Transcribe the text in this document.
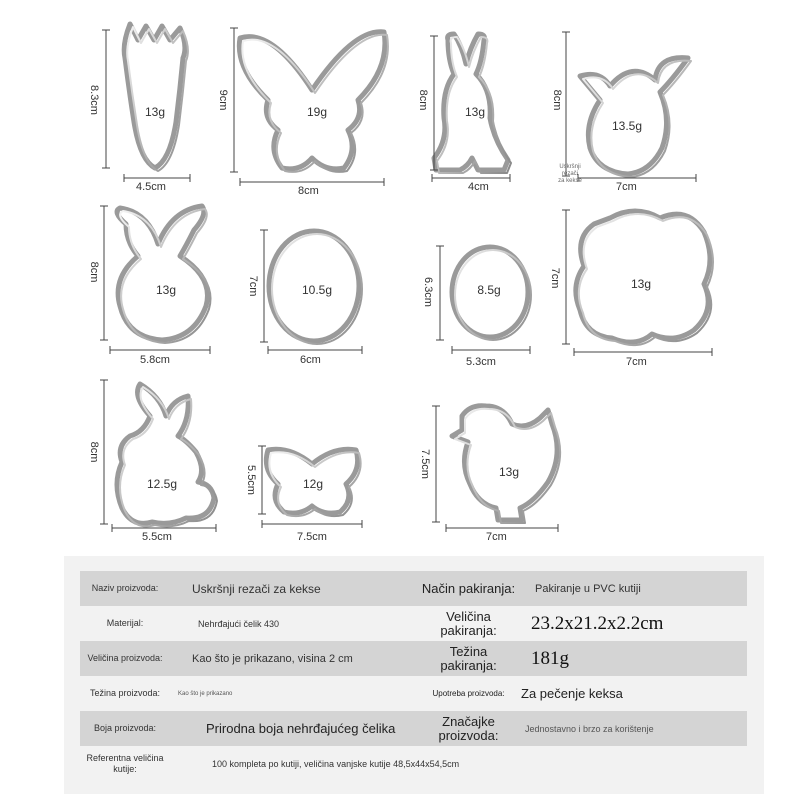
13g	19g	13g
13.5g
13g	10.5g	8.5g	13g
12.5g	12g
13g
4.5cm	8cm	4cm	7cm
5.8cm	6cm	5.3cm	7cm
5.5cm	7.5cm	7cm
8.3cm	9cm	8cm	8cm
8cm
7cm	6.3cm	7cm
8cm
5.5cm
7.5cm
Uskršnji
rezači
za kekse
Naziv proizvoda:	Uskršnji rezači za kekse	Način pakiranja:	Pakiranje u PVC kutiji
Materijal:	Nehrđajući čelik 430	Veličina pakiranja:	23.2x21.2x2.2cm
Veličina proizvoda:	Kao što je prikazano, visina 2 cm	Težina pakiranja:	181g
Težina proizvoda:	Kao što je prikazano	Upotreba proizvoda:	Za pečenje keksa
Boja proizvoda:	Prirodna boja nehrđajućeg čelika	Značajke proizvoda:	Jednostavno i brzo za korištenje
Referentna veličina kutije:	100 kompleta po kutiji, veličina vanjske kutije 48,5x44x54,5cm		
